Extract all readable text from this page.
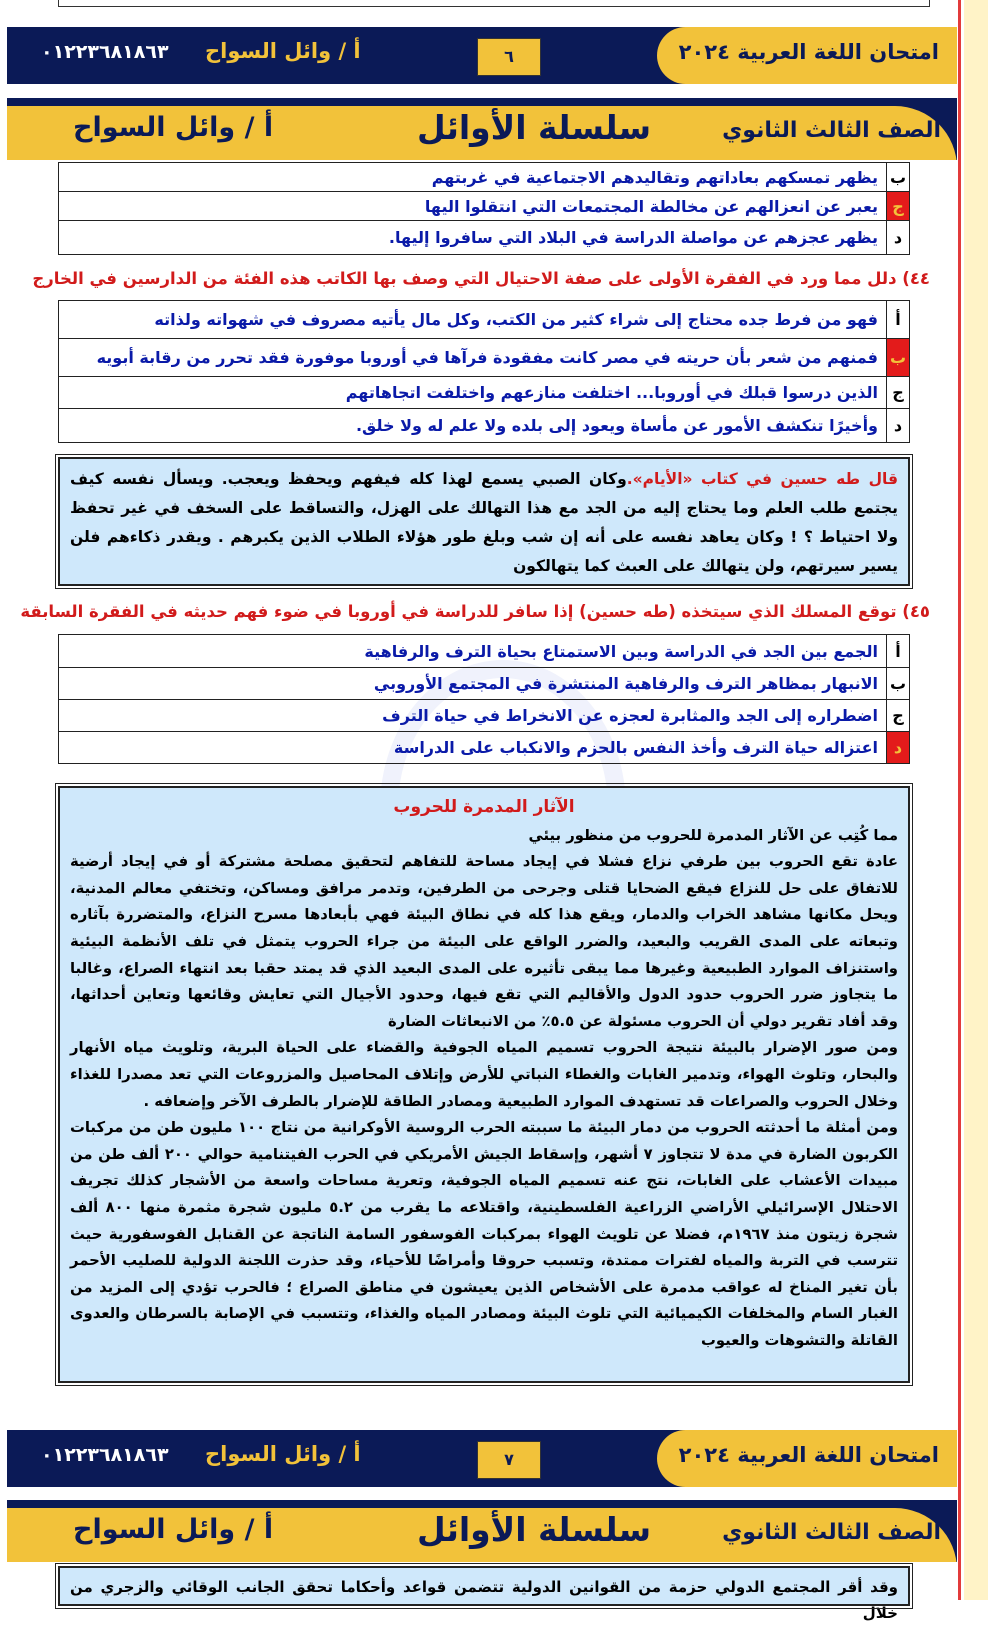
امتحان اللغة العربية ٢٠٢٤
٦
أ / وائل السواح
٠١٢٢٣٦٨١٨٦٣
الصف الثالث الثانوي
سلسلة الأوائل
أ / وائل السواح
يظهر تمسكهم بعاداتهم وتقاليدهم الاجتماعية في غربتهم	ب
يعبر عن انعزالهم عن مخالطة المجتمعات التي انتقلوا اليها	ج
يظهر عجزهم عن مواصلة الدراسة في البلاد التي سافروا إليها.	د
٤٤) دلل مما ورد في الفقرة الأولى على صفة الاحتيال التي وصف بها الكاتب هذه الفئة من الدارسين في الخارج
فهو من فرط جده محتاج إلى شراء كثير من الكتب، وكل مال يأتيه مصروف في شهواته ولذاته	أ
فمنهم من شعر بأن حريته في مصر كانت مفقودة فرآها في أوروبا موفورة فقد تحرر من رقابة أبويه	ب
الذين درسوا قبلك في أوروبا... اختلفت منازعهم واختلفت اتجاهاتهم	ج
وأخيرًا تنكشف الأمور عن مأساة ويعود إلى بلده ولا علم له ولا خلق.	د

قال طه حسين في كتاب «الأيام».وكان الصبي يسمع لهذا كله فيفهم ويحفظ ويعجب. ويسأل نفسه كيف يجتمع طلب العلم وما يحتاج إليه من الجد مع هذا التهالك على الهزل، والتساقط على السخف في غير تحفظ ولا احتياط ؟ ! وكان يعاهد نفسه على أنه إن شب وبلغ طور هؤلاء الطلاب الذين يكبرهم . ويقدر ذكاءهم فلن يسير سيرتهم، ولن يتهالك على العبث كما يتهالكون

٤٥) توقع المسلك الذي سيتخذه (طه حسين) إذا سافر للدراسة في أوروبا في ضوء فهم حديثه في الفقرة السابقة
الجمع بين الجد في الدراسة وبين الاستمتاع بحياة الترف والرفاهية	أ
الانبهار بمظاهر الترف والرفاهية المنتشرة في المجتمع الأوروبي	ب
اضطراره إلى الجد والمثابرة لعجزه عن الانخراط في حياة الترف	ج
اعتزاله حياة الترف وأخذ النفس بالحزم والانكباب على الدراسة	د
الآثار المدمرة للحروب

مما كُتِب عن الآثار المدمرة للحروب من منظور بيئي

عادة تقع الحروب بين طرفي نزاع فشلا في إيجاد مساحة للتفاهم لتحقيق مصلحة مشتركة أو في إيجاد أرضية للاتفاق على حل للنزاع فيقع الضحايا قتلى وجرحى من الطرفين، وتدمر مرافق ومساكن، وتختفي معالم المدنية، ويحل مكانها مشاهد الخراب والدمار، ويقع هذا كله في نطاق البيئة فهي بأبعادها مسرح النزاع، والمتضررة بآثاره وتبعاته على المدى القريب والبعيد، والضرر الواقع على البيئة من جراء الحروب يتمثل في تلف الأنظمة البيئية واستنزاف الموارد الطبيعية وغيرها مما يبقى تأثيره على المدى البعيد الذي قد يمتد حقبا بعد انتهاء الصراع، وغالبا ما يتجاوز ضرر الحروب حدود الدول والأقاليم التي تقع فيها، وحدود الأجيال التي تعايش وقائعها وتعاين أحداثها، وقد أفاد تقرير دولي أن الحروب مسئولة عن ٥.٥٪ من الانبعاثات الضارة

ومن صور الإضرار بالبيئة نتيجة الحروب تسميم المياه الجوفية والقضاء على الحياة البرية، وتلويث مياه الأنهار والبحار، وتلوث الهواء، وتدمير الغابات والغطاء النباتي للأرض وإتلاف المحاصيل والمزروعات التي تعد مصدرا للغذاء وخلال الحروب والصراعات قد تستهدف الموارد الطبيعية ومصادر الطاقة للإضرار بالطرف الآخر وإضعافه .

ومن أمثلة ما أحدثته الحروب من دمار البيئة ما سببته الحرب الروسية الأوكرانية من نتاج ١٠٠ مليون طن من مركبات الكربون الضارة في مدة لا تتجاوز ٧ أشهر، وإسقاط الجيش الأمريكي في الحرب الفيتنامية حوالي ٢٠٠ ألف طن من مبيدات الأعشاب على الغابات، نتج عنه تسميم المياه الجوفية، وتعرية مساحات واسعة من الأشجار كذلك تجريف الاحتلال الإسرائيلي الأراضي الزراعية الفلسطينية، واقتلاعه ما يقرب من ٥.٢ مليون شجرة مثمرة منها ٨٠٠ ألف شجرة زيتون منذ ١٩٦٧م، فضلا عن تلويث الهواء بمركبات الفوسفور السامة الناتجة عن القنابل الفوسفورية حيث تترسب في التربة والمياه لفترات ممتدة، وتسبب حروقا وأمراضًا للأحياء، وقد حذرت اللجنة الدولية للصليب الأحمر بأن تغير المناخ له عواقب مدمرة على الأشخاص الذين يعيشون في مناطق الصراع ؛ فالحرب تؤدي إلى المزيد من الغبار السام والمخلفات الكيميائية التي تلوث البيئة ومصادر المياه والغذاء، وتتسبب في الإصابة بالسرطان والعدوى القاتلة والتشوهات والعيوب

امتحان اللغة العربية ٢٠٢٤
٧
أ / وائل السواح
٠١٢٢٣٦٨١٨٦٣
الصف الثالث الثانوي
سلسلة الأوائل
أ / وائل السواح

وقد أقر المجتمع الدولي حزمة من القوانين الدولية تتضمن قواعد وأحكاما تحقق الجانب الوقائي والزجري من خلال
